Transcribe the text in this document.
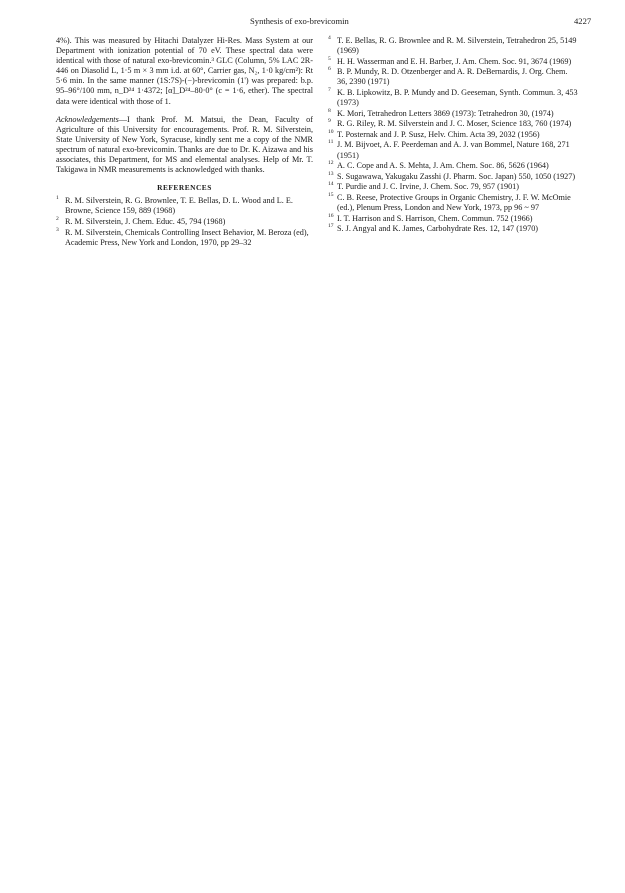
Synthesis of exo-brevicomin	4227

4%). This was measured by Hitachi Datalyzer Hi-Res. Mass System at our Department with ionization potential of 70 eV. These spectral data were identical with those of natural exo-brevicomin.³ GLC (Column, 5% LAC 2R-446 on Diasolid L, 1·5 m × 3 mm i.d. at 60°, Carrier gas, N₂, 1·0 kg/cm²): Rt 5·6 min. In the same manner (1S:7S)-(−)-brevicomin (1') was prepared: b.p. 95–96°/100 mm, n_D²⁴ 1·4372; [α]_D²⁴–80·0° (c = 1·6, ether). The spectral data were identical with those of 1.

Acknowledgements—I thank Prof. M. Matsui, the Dean, Faculty of Agriculture of this University for encouragements. Prof. R. M. Silverstein, State University of New York, Syracuse, kindly sent me a copy of the NMR spectrum of natural exo-brevicomin. Thanks are due to Dr. K. Aizawa and his associates, this Department, for MS and elemental analyses. Help of Mr. T. Takigawa in NMR measurements is acknowledged with thanks.

REFERENCES
1 R. M. Silverstein, R. G. Brownlee, T. E. Bellas, D. L. Wood and L. E. Browne, Science 159, 889 (1968)
2 R. M. Silverstein, J. Chem. Educ. 45, 794 (1968)
3 R. M. Silverstein, Chemicals Controlling Insect Behavior, M. Beroza (ed), Academic Press, New York and London, 1970, pp 29–32
4 T. E. Bellas, R. G. Brownlee and R. M. Silverstein, Tetrahedron 25, 5149 (1969)
5 H. H. Wasserman and E. H. Barber, J. Am. Chem. Soc. 91, 3674 (1969)
6 B. P. Mundy, R. D. Otzenberger and A. R. DeBernardis, J. Org. Chem. 36, 2390 (1971)
7 K. B. Lipkowitz, B. P. Mundy and D. Geeseman, Synth. Commun. 3, 453 (1973)
8 K. Mori, Tetrahedron Letters 3869 (1973): Tetrahedron 30, (1974)
9 R. G. Riley, R. M. Silverstein and J. C. Moser, Science 183, 760 (1974)
10 T. Posternak and J. P. Susz, Helv. Chim. Acta 39, 2032 (1956)
11 J. M. Bijvoet, A. F. Peerdeman and A. J. van Bommel, Nature 168, 271 (1951)
12 A. C. Cope and A. S. Mehta, J. Am. Chem. Soc. 86, 5626 (1964)
13 S. Sugawawa, Yakugaku Zasshi (J. Pharm. Soc. Japan) 550, 1050 (1927)
14 T. Purdie and J. C. Irvine, J. Chem. Soc. 79, 957 (1901)
15 C. B. Reese, Protective Groups in Organic Chemistry, J. F. W. McOmie (ed.), Plenum Press, London and New York, 1973, pp 96 ~ 97
16 I. T. Harrison and S. Harrison, Chem. Commun. 752 (1966)
17 S. J. Angyal and K. James, Carbohydrate Res. 12, 147 (1970)
